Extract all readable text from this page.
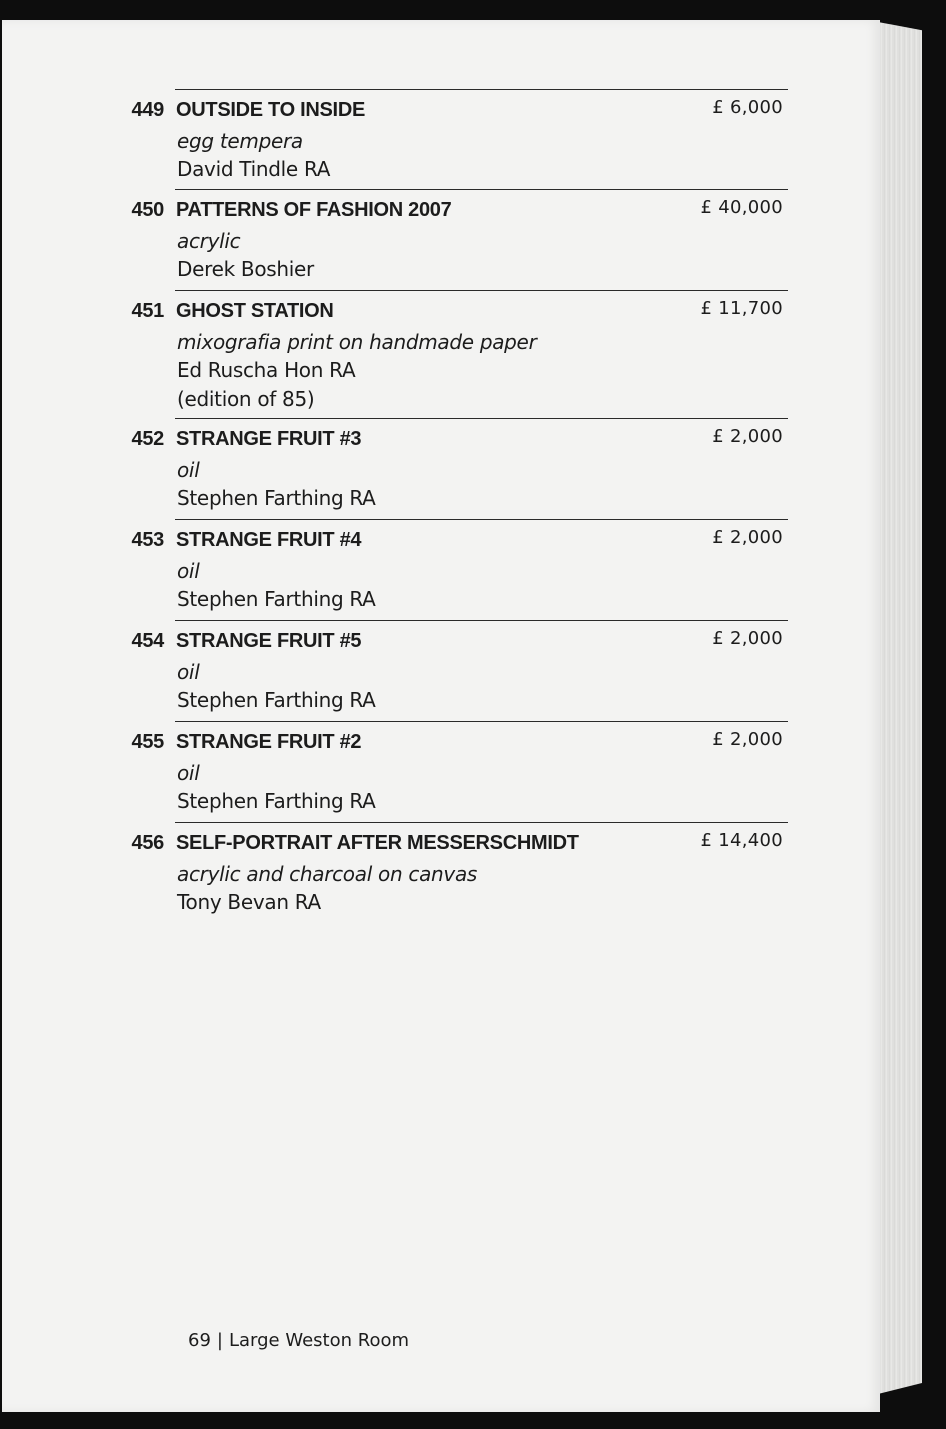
449 OUTSIDE TO INSIDE	£ 6,000
egg tempera
David Tindle RA
450 PATTERNS OF FASHION 2007	£ 40,000
acrylic
Derek Boshier
451 GHOST STATION	£ 11,700
mixografia print on handmade paper
Ed Ruscha Hon RA
(edition of 85)
452 STRANGE FRUIT #3	£ 2,000
oil
Stephen Farthing RA
453 STRANGE FRUIT #4	£ 2,000
oil
Stephen Farthing RA
454 STRANGE FRUIT #5	£ 2,000
oil
Stephen Farthing RA
455 STRANGE FRUIT #2	£ 2,000
oil
Stephen Farthing RA
456 SELF-PORTRAIT AFTER MESSERSCHMIDT	£ 14,400
acrylic and charcoal on canvas
Tony Bevan RA
69 | Large Weston Room
